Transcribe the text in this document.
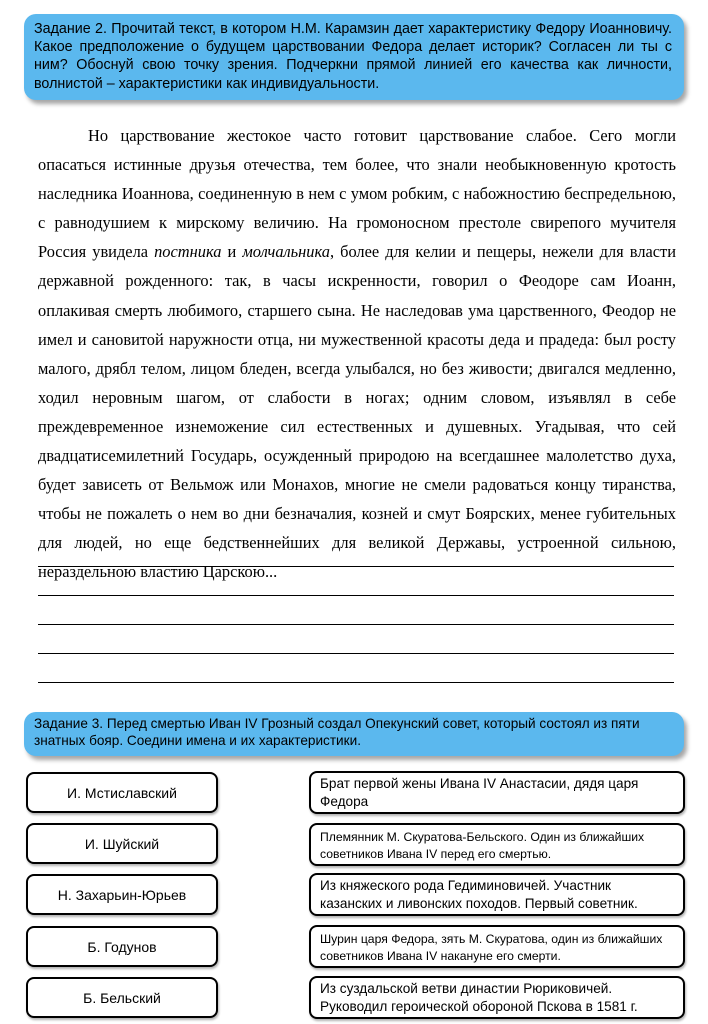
Задание 2. Прочитай текст, в котором Н.М. Карамзин дает характеристику Федору Иоанновичу. Какое предположение о будущем царствовании Федора делает историк? Согласен ли ты с ним? Обоснуй свою точку зрения. Подчеркни прямой линией его качества как личности, волнистой – характеристики как индивидуальности.

Но царствование жестокое часто готовит царствование слабое. Сего могли опасаться истинные друзья отечества, тем более, что знали необыкновенную кротость наследника Иоаннова, соединенную в нем с умом робким, с набожностию беспредельною, с равнодушием к мирскому величию. На громоносном престоле свирепого мучителя Россия увидела постника и молчальника, более для келии и пещеры, нежели для власти державной рожденного: так, в часы искренности, говорил о Феодоре сам Иоанн, оплакивая смерть любимого, старшего сына. Не наследовав ума царственного, Феодор не имел и сановитой наружности отца, ни мужественной красоты деда и прадеда: был росту малого, дрябл телом, лицом бледен, всегда улыбался, но без живости; двигался медленно, ходил неровным шагом, от слабости в ногах; одним словом, изъявлял в себе преждевременное изнеможение сил естественных и душевных. Угадывая, что сей двадцатисемилетний Государь, осужденный природою на всегдашнее малолетство духа, будет зависеть от Вельмож или Монахов, многие не смели радоваться концу тиранства, чтобы не пожалеть о нем во дни безначалия, козней и смут Боярских, менее губительных для людей, но еще бедственнейших для великой Державы, устроенной сильною, нераздельною властию Царскою...

Задание 3. Перед смертью Иван IV Грозный создал Опекунский совет, который состоял из пяти знатных бояр. Соедини имена и их характеристики.
И. Мстиславский
И. Шуйский
Н. Захарьин-Юрьев
Б. Годунов
Б. Бельский
Брат первой жены Ивана IV Анастасии, дядя царя Федора
Племянник М. Скуратова-Бельского. Один из ближайших советников Ивана IV перед его смертью.
Из княжеского рода Гедиминовичей. Участник казанских и ливонских походов. Первый советник.
Шурин царя Федора, зять М. Скуратова, один из ближайших советников Ивана IV накануне его смерти.
Из суздальской ветви династии Рюриковичей. Руководил героической обороной Пскова в 1581 г.
